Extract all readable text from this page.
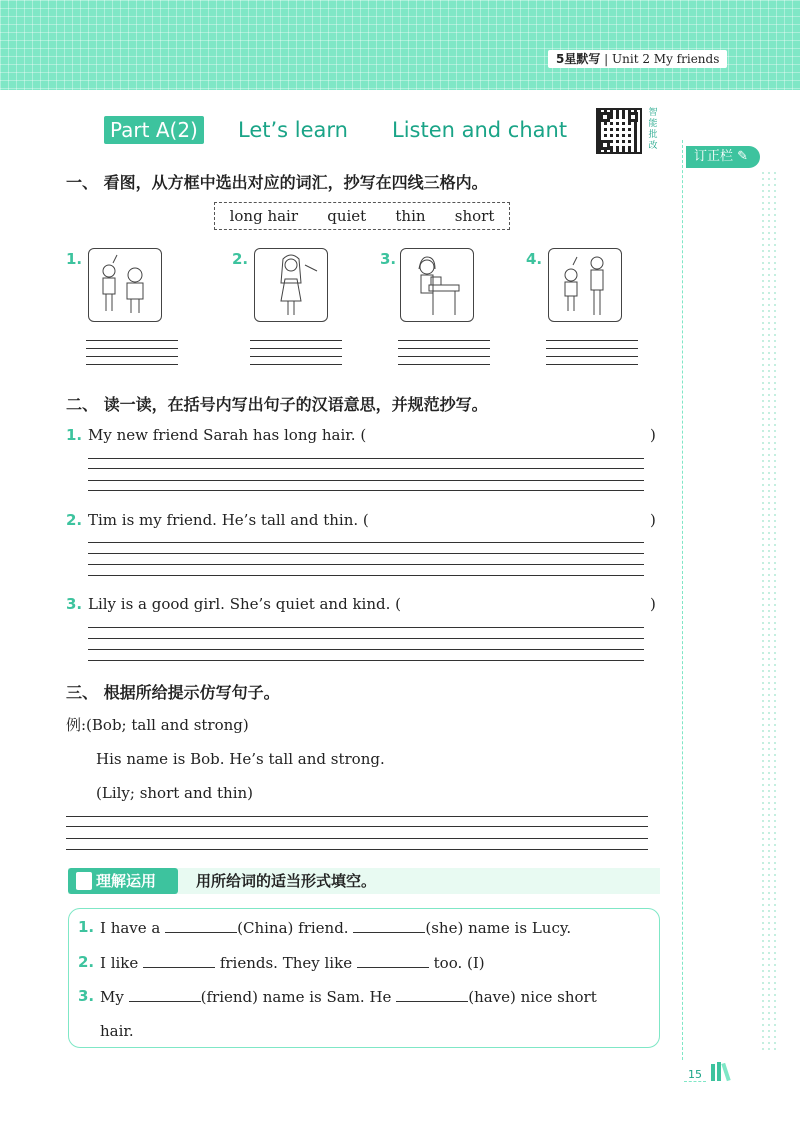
5星默写 | Unit 2 My friends
Part A(2) Let’s learn Listen and chant
智能批改
订正栏 ✎
一、 看图，从方框中选出对应的词汇，抄写在四线三格内。
long hair quiet thin short
1.	2.	3.	4.
二、 读一读，在括号内写出句子的汉语意思，并规范抄写。
1. My new friend Sarah has long hair. (	)
2. Tim is my friend. He’s tall and thin. (	)
3. Lily is a good girl. She’s quiet and kind. (	)
三、 根据所给提示仿写句子。
例:(Bob; tall and strong)
His name is Bob. He’s tall and strong.
(Lily; short and thin)
理解运用	用所给词的适当形式填空。
1. I have a	(China) friend.	(she) name is Lucy.
2. I like	friends. They like	too. (I)
3. My	(friend) name is Sam. He	(have) nice short
hair.
15
